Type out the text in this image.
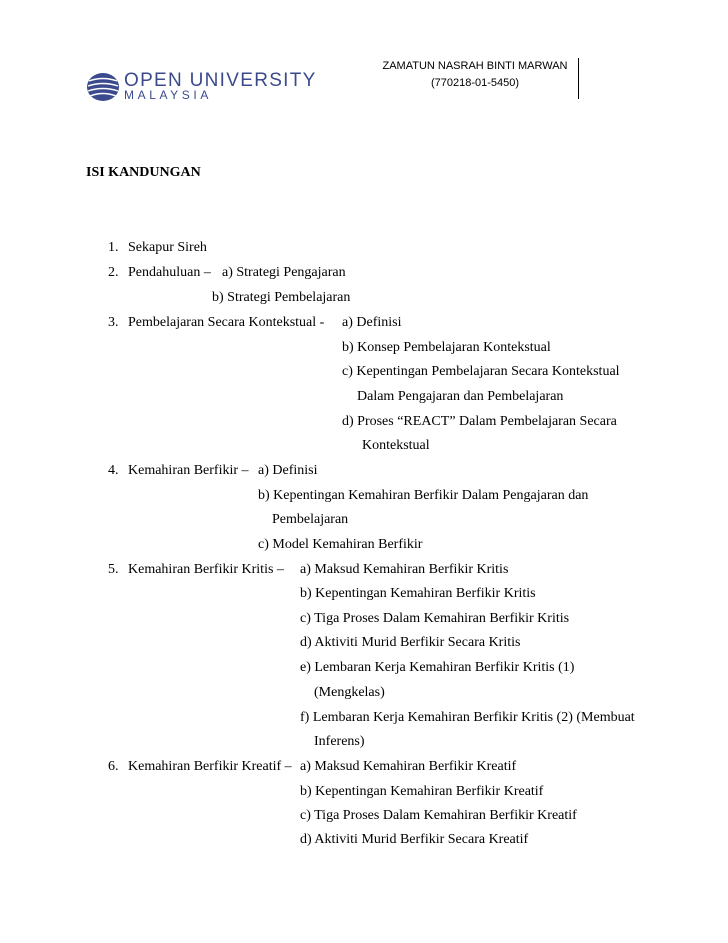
ZAMATUN NASRAH BINTI MARWAN
(770218-01-5450)
OPEN UNIVERSITY
MALAYSIA
ISI KANDUNGAN
1. Sekapur Sireh
2. Pendahuluan – a) Strategi Pengajaran
b) Strategi Pembelajaran
3. Pembelajaran Secara Kontekstual - a) Definisi
b) Konsep Pembelajaran Kontekstual
c) Kepentingan Pembelajaran Secara Kontekstual
Dalam Pengajaran dan Pembelajaran
d) Proses “REACT” Dalam Pembelajaran Secara
Kontekstual
4. Kemahiran Berfikir – a) Definisi
b) Kepentingan Kemahiran Berfikir Dalam Pengajaran dan
Pembelajaran
c) Model Kemahiran Berfikir
5. Kemahiran Berfikir Kritis – a) Maksud Kemahiran Berfikir Kritis
b) Kepentingan Kemahiran Berfikir Kritis
c) Tiga Proses Dalam Kemahiran Berfikir Kritis
d) Aktiviti Murid Berfikir Secara Kritis
e) Lembaran Kerja Kemahiran Berfikir Kritis (1)
(Mengkelas)
f) Lembaran Kerja Kemahiran Berfikir Kritis (2) (Membuat
Inferens)
6. Kemahiran Berfikir Kreatif – a) Maksud Kemahiran Berfikir Kreatif
b) Kepentingan Kemahiran Berfikir Kreatif
c) Tiga Proses Dalam Kemahiran Berfikir Kreatif
d) Aktiviti Murid Berfikir Secara Kreatif
